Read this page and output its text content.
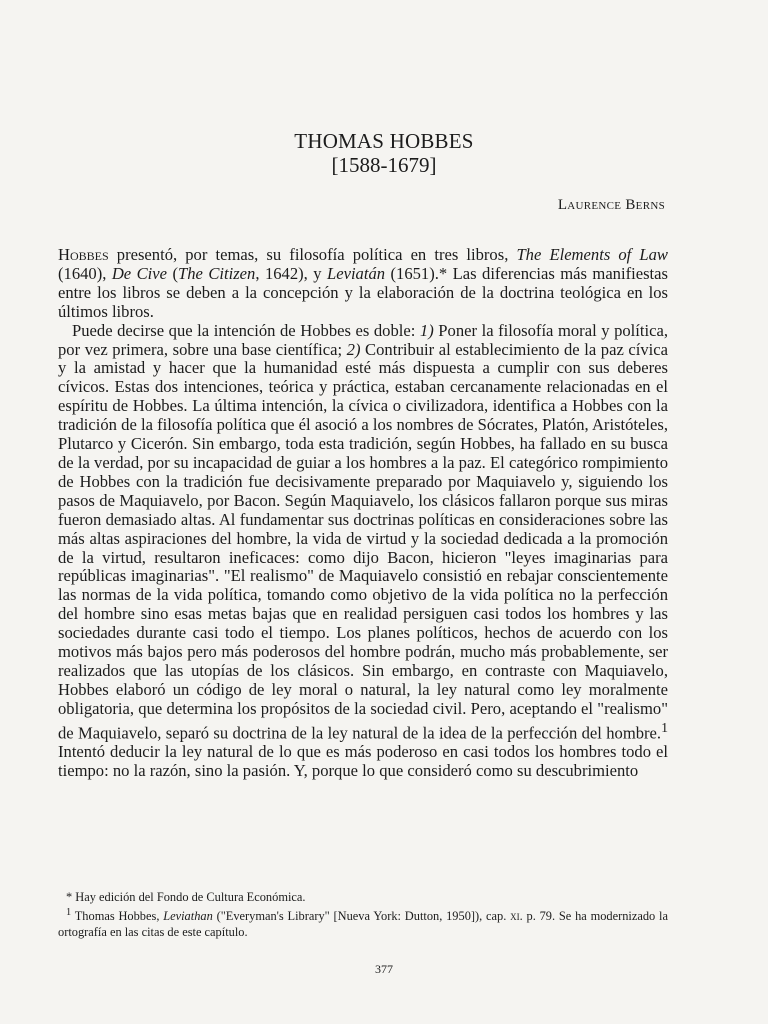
THOMAS HOBBES
[1588-1679]
Laurence Berns

Hobbes presentó, por temas, su filosofía política en tres libros, The Elements of Law (1640), De Cive (The Citizen, 1642), y Leviatán (1651).* Las diferencias más manifiestas entre los libros se deben a la concepción y la elaboración de la doctrina teológica en los últimos libros.

Puede decirse que la intención de Hobbes es doble: 1) Poner la filosofía moral y política, por vez primera, sobre una base científica; 2) Contribuir al establecimiento de la paz cívica y la amistad y hacer que la humanidad esté más dispuesta a cumplir con sus deberes cívicos. Estas dos intenciones, teórica y práctica, estaban cercanamente relacionadas en el espíritu de Hobbes. La última intención, la cívica o civilizadora, identifica a Hobbes con la tradición de la filosofía política que él asoció a los nombres de Sócrates, Platón, Aristóteles, Plutarco y Cicerón. Sin embargo, toda esta tradición, según Hobbes, ha fallado en su busca de la verdad, por su incapacidad de guiar a los hombres a la paz. El categórico rompimiento de Hobbes con la tradición fue decisivamente preparado por Maquiavelo y, siguiendo los pasos de Maquiavelo, por Bacon. Según Maquiavelo, los clásicos fallaron porque sus miras fueron demasiado altas. Al fundamentar sus doctrinas políticas en consideraciones sobre las más altas aspiraciones del hombre, la vida de virtud y la sociedad dedicada a la promoción de la virtud, resultaron ineficaces: como dijo Bacon, hicieron "leyes imaginarias para repúblicas imaginarias". "El realismo" de Maquiavelo consistió en rebajar conscientemente las normas de la vida política, tomando como objetivo de la vida política no la perfección del hombre sino esas metas bajas que en realidad persiguen casi todos los hombres y las sociedades durante casi todo el tiempo. Los planes políticos, hechos de acuerdo con los motivos más bajos pero más poderosos del hombre podrán, mucho más probablemente, ser realizados que las utopías de los clásicos. Sin embargo, en contraste con Maquiavelo, Hobbes elaboró un código de ley moral o natural, la ley natural como ley moralmente obligatoria, que determina los propósitos de la sociedad civil. Pero, aceptando el "realismo" de Maquiavelo, separó su doctrina de la ley natural de la idea de la perfección del hombre.$^1$ Intentó deducir la ley natural de lo que es más poderoso en casi todos los hombres todo el tiempo: no la razón, sino la pasión. Y, porque lo que consideró como su descubrimiento

* Hay edición del Fondo de Cultura Económica.

$^1$ Thomas Hobbes, Leviathan ("Everyman's Library" [Nueva York: Dutton, 1950]), cap. xi. p. 79. Se ha modernizado la ortografía en las citas de este capítulo.

377
